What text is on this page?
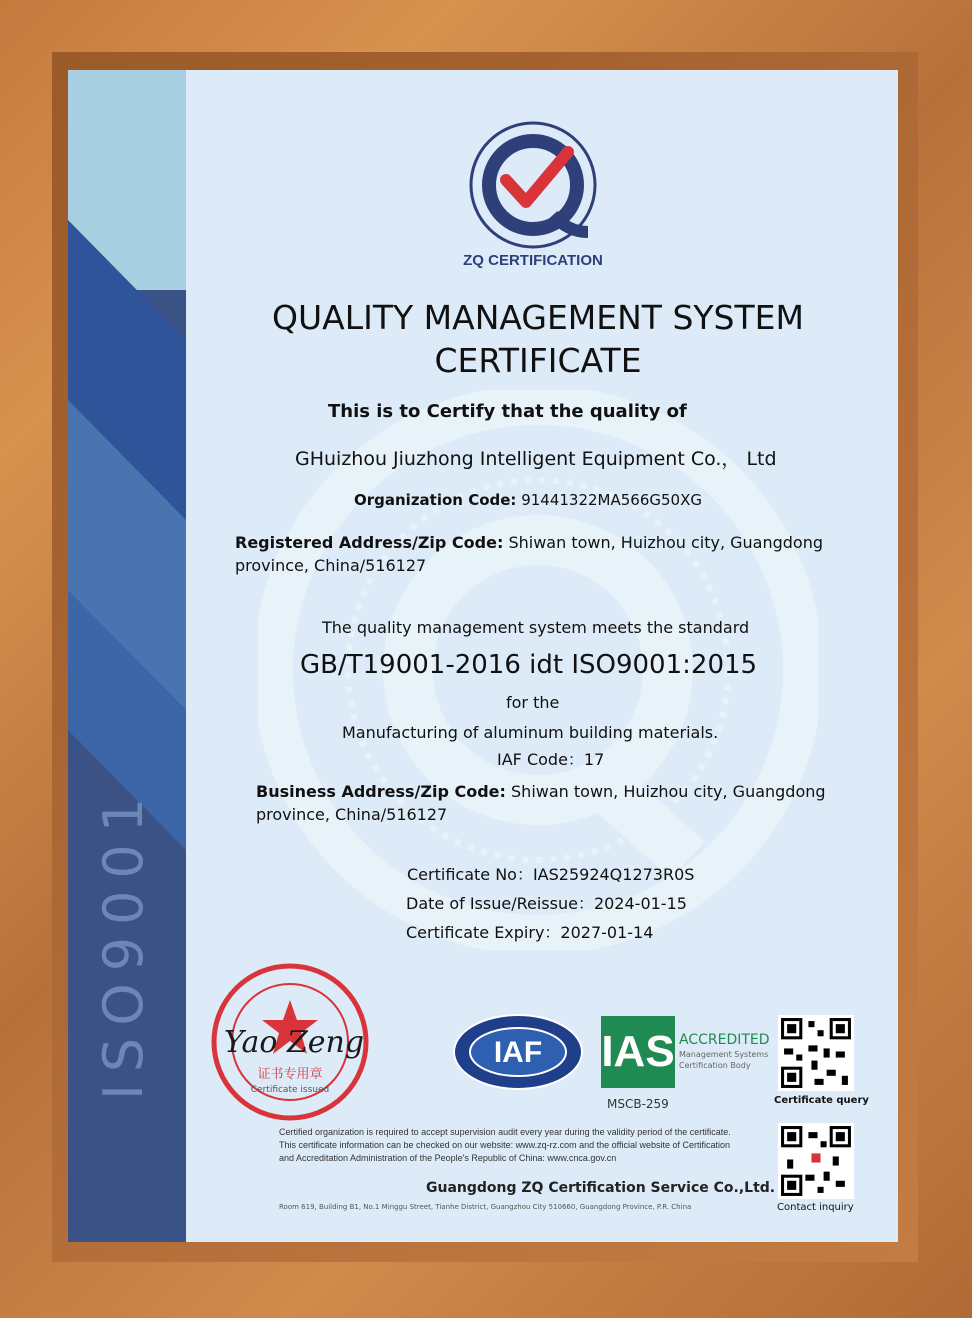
ISO9001
ZQ CERTIFICATION
QUALITY MANAGEMENT SYSTEM
CERTIFICATE
This is to Certify that the quality of
GHuizhou Jiuzhong Intelligent Equipment Co.， Ltd
Organization Code: 91441322MA566G50XG
Registered Address/Zip Code: Shiwan town, Huizhou city, Guangdong
province, China/516127
The quality management system meets the standard
GB/T19001-2016 idt ISO9001:2015
for the
Manufacturing of aluminum building materials.
IAF Code：17
Business Address/Zip Code: Shiwan town, Huizhou city, Guangdong
province, China/516127
Certificate No：IAS25924Q1273R0S
Date of Issue/Reissue：2024-01-15
Certificate Expiry：2027-01-14
证书专用章
Certificate issued
Yao Zeng	IAF IAS ACCREDITED
Management Systems
Certification Body
MSCB-259	Certificate query
Contact inquiry
Certified organization is required to accept supervision audit every year during the validity period of the certificate.
This certificate information can be checked on our website: www.zq-rz.com and the official website of Certification
and Accreditation Administration of the People's Republic of China: www.cnca.gov.cn
Guangdong ZQ Certification Service Co.,Ltd.
Room 619, Building B1, No.1 Minggu Street, Tianhe District, Guangzhou City 510660, Guangdong Province, P.R. China
